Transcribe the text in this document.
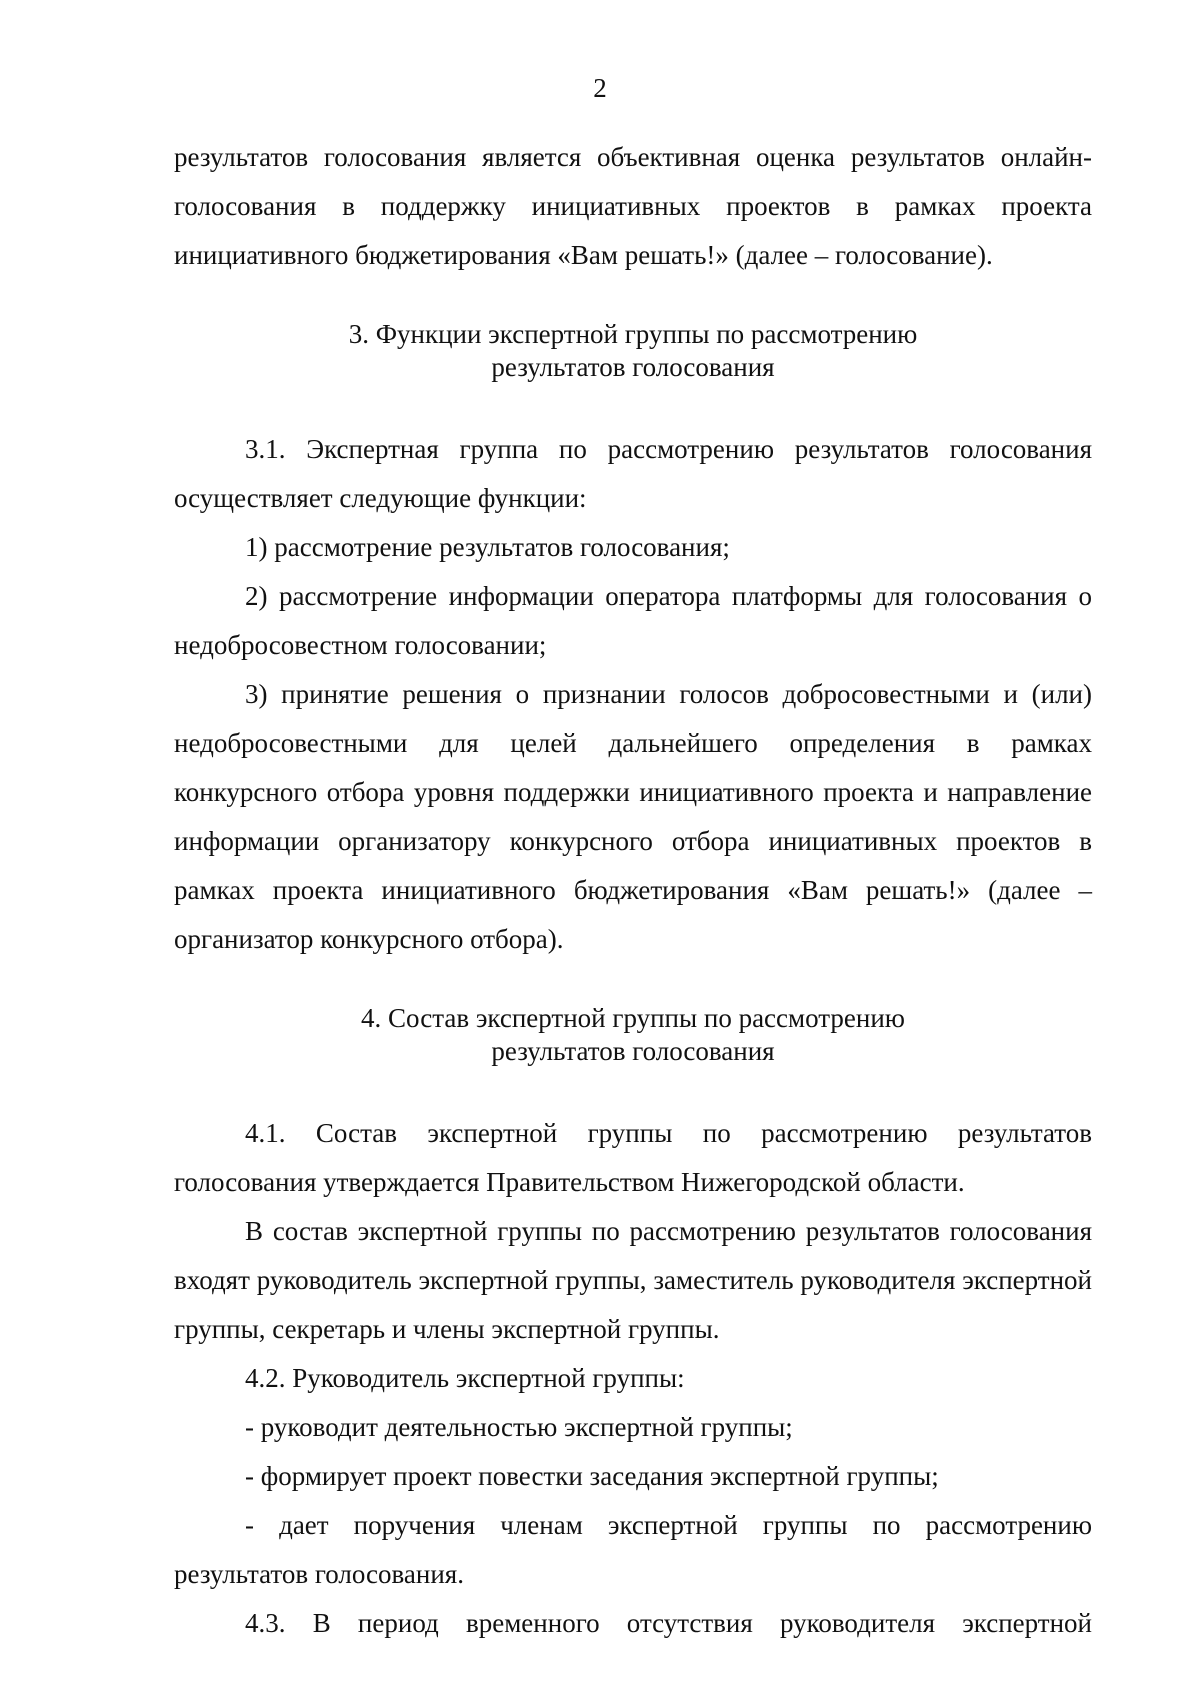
2

результатов голосования является объективная оценка результатов онлайн-голосования в поддержку инициативных проектов в рамках проекта инициативного бюджетирования «Вам решать!» (далее – голосование).

3. Функции экспертной группы по рассмотрению
результатов голосования

3.1. Экспертная группа по рассмотрению результатов голосования осуществляет следующие функции:

1) рассмотрение результатов голосования;

2) рассмотрение информации оператора платформы для голосования о недобросовестном голосовании;

3) принятие решения о признании голосов добросовестными и (или) недобросовестными для целей дальнейшего определения в рамках конкурсного отбора уровня поддержки инициативного проекта и направление информации организатору конкурсного отбора инициативных проектов в рамках проекта инициативного бюджетирования «Вам решать!» (далее – организатор конкурсного отбора).

4. Состав экспертной группы по рассмотрению
результатов голосования

4.1. Состав экспертной группы по рассмотрению результатов голосования утверждается Правительством Нижегородской области.

В состав экспертной группы по рассмотрению результатов голосования входят руководитель экспертной группы, заместитель руководителя экспертной группы, секретарь и члены экспертной группы.

4.2. Руководитель экспертной группы:

- руководит деятельностью экспертной группы;

- формирует проект повестки заседания экспертной группы;

- дает поручения членам экспертной группы по рассмотрению результатов голосования.

4.3. В период временного отсутствия руководителя экспертной
